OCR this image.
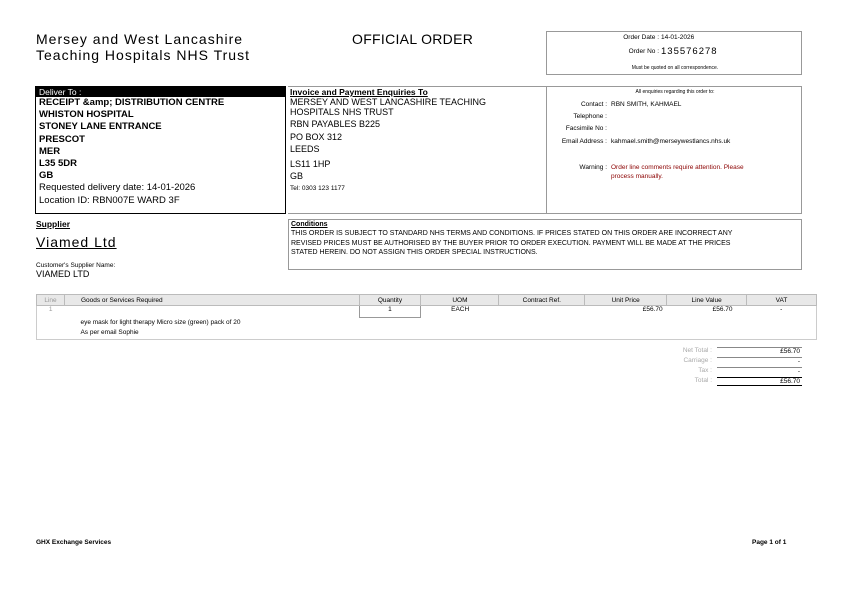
Mersey and West Lancashire
Teaching Hospitals NHS Trust
OFFICIAL ORDER	Order Date : 14-01-2026
Order No : 135576278
Must be quoted on all correspondence.
Deliver To :
RECEIPT &amp; DISTRIBUTION CENTRE
WHISTON HOSPITAL
STONEY LANE ENTRANCE
PRESCOT
MER
L35 5DR
GB
Requested delivery date: 14-01-2026
Location ID: RBN007E WARD 3F
Invoice and Payment Enquiries To
MERSEY AND WEST LANCASHIRE TEACHING
HOSPITALS NHS TRUST
RBN PAYABLES B225
PO BOX 312
LEEDS
LS11 1HP
GB
Tel: 0303 123 1177
All enquiries regarding this order to:
Contact : RBN SMITH, KAHMAEL
Telephone :
Facsimile No :
Email Address : kahmael.smith@merseywestlancs.nhs.uk
Warning : Order line comments require attention. Please
process manually.
Supplier
Viamed Ltd
Customer's Supplier Name:
VIAMED LTD
Conditions
THIS ORDER IS SUBJECT TO STANDARD NHS TERMS AND CONDITIONS. IF PRICES STATED ON THIS ORDER ARE INCORRECT ANY
REVISED PRICES MUST BE AUTHORISED BY THE BUYER PRIOR TO ORDER EXECUTION. PAYMENT WILL BE MADE AT THE PRICES
STATED HEREIN. DO NOT ASSIGN THIS ORDER SPECIAL INSTRUCTIONS.
Line	Goods or Services Required	Quantity	UOM	Contract Ref.	Unit Price	Line Value	VAT
1		1	EACH		£56.70	£56.70	-

	eye mask for light therapy Micro size (green) pack of 20
As per email Sophie						
Net Total :	£56.70
Carriage :	-
Tax :	-
Total :	£56.70
GHX Exchange Services	Page 1 of 1
